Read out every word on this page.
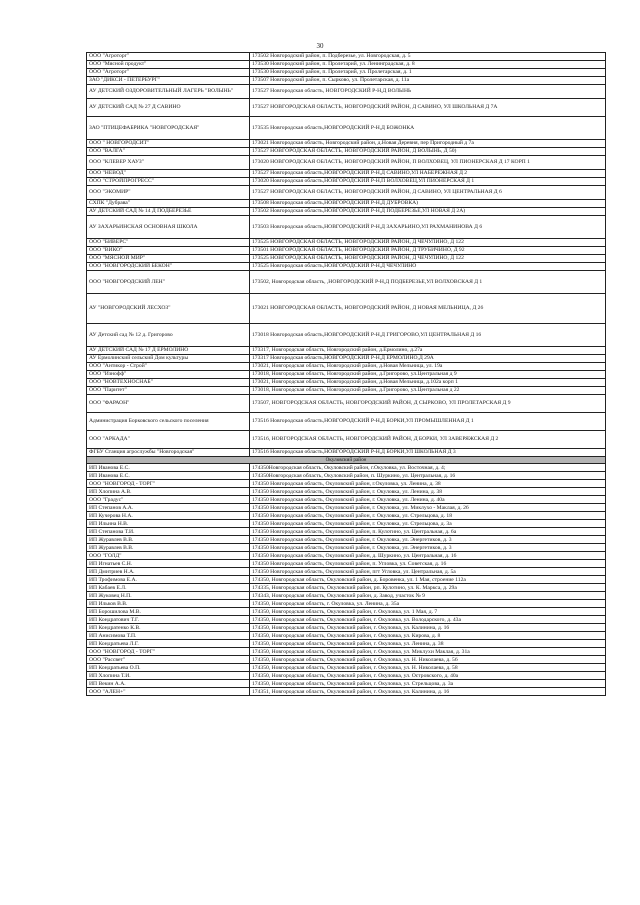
30
ООО "Агроторг"	173502 Новгородский район, п. Подберезье, ул. Новгородская, д. 5
ООО "Мясной продукт"	173530 Новгородский район, п. Пролетарий, ул. Ленинградская, д. 8
ООО "Агроторг"	173530 Новгородский район, п. Пролетарий, ул. Пролетарская, д. 1
ЗАО "ДИКСИ - ПЕТЕРБУРГ"	173507 Новгородский район, п. Сырково, ул. Пролетарская, д. 11а
АУ ДЕТСКИЙ ОЗДОРОВИТЕЛЬНЫЙ ЛАГЕРЬ "ВОЛЫНЬ"	173527 Новгородская область, НОВГОРОДСКИЙ Р-Н,Д ВОЛЫНЬ
АУ ДЕТСКИЙ САД № 27 Д САВИНО	173527 НОВГОРОДСКАЯ ОБЛАСТЬ, НОВГОРОДСКИЙ РАЙОН, Д САВИНО, УЛ ШКОЛЬНАЯ Д 7А
ЗАО "ПТИЦЕФАБРИКА "НОВГОРОДСКАЯ"	173535 Новгородская область,НОВГОРОДСКИЙ Р-Н,Д БОЖОНКА
ООО " НОВГОРОДСИТ"	173021 Новгородская область, Новгородский район, д.Новая Деревня, пер Пригородный д 7а
ООО "ВАЛГА"	173527 НОВГОРОДСКАЯ ОБЛАСТЬ, НОВГОРОДСКИЙ РАЙОН, Д ВОЛЫНЬ, Д 50)
ООО "КЛЕВЕР ХАУЗ"	173020 НОВГОРОДСКАЯ ОБЛАСТЬ, НОВГОРОДСКИЙ РАЙОН, П ВОЛХОВЕЦ, УЛ ПИОНЕРСКАЯ Д 17 КОРП 1
ООО "НЕВОД"	173527 Новгородская область,НОВГОРОДСКИЙ Р-Н,Д САВИНО,УЛ НАБЕРЕЖНАЯ Д 2
ООО "СТРОЙПРОГРЕСС"	173020 Новгородская область,НОВГОРОДСКИЙ Р-Н,П ВОЛХОВЕЦ,УЛ ПИОНЕРСКАЯ Д 1
ООО "ЭКОМИР"	173527 НОВГОРОДСКАЯ ОБЛАСТЬ, НОВГОРОДСКИЙ РАЙОН, Д САВИНО, УЛ ЦЕНТРАЛЬНАЯ Д 6
СХПК "Дубрава"	173508 Новгородская область,НОВГОРОДСКИЙ Р-Н,Д ДУБРОВКА)
АУ ДЕТСКИЙ САД № 14 Д ПОДБЕРЕЗЬЕ	173502 Новгородская область,НОВГОРОДСКИЙ Р-Н,Д ПОДБЕРЕЗЬЕ,УЛ НОВАЯ Д 2А)
АУ ЗАХАРЬИНСКАЯ ОСНОВНАЯ ШКОЛА	173503 Новгородская область,НОВГОРОДСКИЙ Р-Н,Д ЗАХАРЬИНО,УЛ РАХМАНИНОВА Д 6
ООО "БИВЕРС"	173525 НОВГОРОДСКАЯ ОБЛАСТЬ, НОВГОРОДСКИЙ РАЙОН, Д ЧЕЧУЛИНО, Д 122
ООО "ВИКО"	173501 НОВГОРОДСКАЯ ОБЛАСТЬ, НОВГОРОДСКИЙ РАЙОН, Д ТРУБИЧИНО, Д 92
ООО "МЯСНОЙ МИР"	173525 НОВГОРОДСКАЯ ОБЛАСТЬ, НОВГОРОДСКИЙ РАЙОН, Д ЧЕЧУЛИНО, Д 122
ООО "НОВГОРОДСКИЙ БЕКОН"	173525 Новгородская область,НОВГОРОДСКИЙ Р-Н,Д ЧЕЧУЛИНО
ООО "НОВГОРОДСКИЙ ЛЕН"	173502, Новгородская область, ,НОВГОРОДСКИЙ Р-Н,Д ПОДБЕРЕЗЬЕ,УЛ ВОЛХОВСКАЯ Д 1
АУ "НОВГОРОДСКИЙ ЛЕСХОЗ"	173021 НОВГОРОДСКАЯ ОБЛАСТЬ, НОВГОРОДСКИЙ РАЙОН, Д НОВАЯ МЕЛЬНИЦА, Д 26
АУ Детский сад № 12 д. Григорово	173018 Новгородская область,НОВГОРОДСКИЙ Р-Н,Д ГРИГОРОВО,УЛ ЦЕНТРАЛЬНАЯ Д 16
АУ ДЕТСКИЙ САД № 17 Д ЕРМОЛИНО	173317, Новгородская область, Новгородский район, д.Ермолино, д.27а
АУ Ермолинский сельский Дом культуры	173317 Новгородская область,НОВГОРОДСКИЙ Р-Н,Д ЕРМОЛИНО,Д 29А
ООО "Антикор - Строй"	173021, Новгородская область, Новгородский район, д.Новая Мельница, ул. 19а
ООО "Изнофф"	173018, Новгородская область, Новгородский район, д.Григорово, ул.Центральная д 9
ООО "НОВТЕХНОСНАБ"	173021, Новгородская область, Новгородский район, д.Новая Мельница, д.102а корп 1
ООО "Паритет"	173018, Новгородская область, Новгородский район, д.Григорово, ул.Центральная д 22
ООО "ФАРАОН"	173507, НОВГОРОДСКАЯ ОБЛАСТЬ, НОВГОРОДСКИЙ РАЙОН, Д СЫРКОВО, УЛ ПРОЛЕТАРСКАЯ Д 9
Администрация Борковского сельского поселения	173516 Новгородская область,НОВГОРОДСКИЙ Р-Н,Д БОРКИ,УЛ ПРОМЫШЛЕННАЯ Д 1
ООО "АРКАДА"	173516, НОВГОРОДСКАЯ ОБЛАСТЬ, НОВГОРОДСКИЙ РАЙОН, Д БОРКИ, УЛ ЗАВЕРЯЖСКАЯ Д 2
ФГБУ Станция агрослужбы "Новгородская"	173516 Новгородская область,НОВГОРОДСКИЙ Р-Н,Д БОРКИ,УЛ ШКОЛЬНАЯ Д 3
Окуловский район	
ИП Иванова Е.С.	174350Новгородская область, Окуловский район, г.Окуловка, ул. Восточная, д. 4;
ИП Иванова Е.С.	174350Новгородская область, Окуловский район, п. Шуркино, ул. Центральная, д. 16
ООО "НОВГОРОД - ТОРГ"	174350 Новгородская область, Окуловский район, г.Окуловка, ул. Ленина, д. 38
ИП Хлопина А.В.	174350 Новгородская область, Окуловский район, г. Окуловка, ул. Ленина, д. 38
ООО "Градус"	174350 Новгородская область, Окуловский район, г. Окуловка, ул. Ленина, д. 40а
ИП Степанов А.А.	174350 Новгородская область, Окуловский район, г. Окуловка, ул. Миклухо - Маклая, д. 26
ИП Кучерова Н.А.	174350 Новгородская область, Окуловский район, г. Окуловка, ул. Стрельцова, д. 18
ИП Ильина Н.В.	174350 Новгородская область, Окуловский район, г. Окуловка, ул. Стрельцова, д. 3а
ИП Степанова Т.И.	174350 Новгородская область, Окуловский район, п. Кулотино, ул. Центральная, д. 6а
ИП Журавлев В.В.	174350 Новгородская область, Окуловский район, г. Окуловка, ул. Энергетиков, д. 3
ИП Журавлев В.В.	174350 Новгородская область, Окуловский район, г. Окуловка, ул. Энергетиков, д. 3
ООО "ГОЛД"	174350 Новгородская область, Окуловский район, д. Шуркино, ул. Центральная, д. 16
ИП Игнатьев С.Н.	174350 Новгородская область, Окуловский район, п. Угловка, ул. Советская, д. 16
ИП Дмитриев Н.А.	174350 Новгородская область, Окуловский район, пгт Угловка, ул. Центральная, д. 5а
ИП Трофимова Е.А.	174350, Новгородская область, Окуловский район, д. Боровенка, ул. 1 Мая, строение 112а
ИП Кабаев Е.Л.	174335, Новгородская область, Окуловский район, рп. Кулотино, ул. К. Маркса, д. 29а
ИП Жуковец Н.П.	174343, Новгородская область, Окуловский район, д. Завод, участок № 9
ИП Ильков В.В.	174350, Новгородская область, г. Окуловка, ул. Ленина, д. 35а
ИП Борошилова М.В.	174350, Новгородская область, Окуловский район, г. Окуловка, ул. 1 Мая, д. 7
ИП Кондратович Т.Г.	174350, Новгородская область, Окуловский район, г. Окуловка, ул. Володарского, д. 43а
ИП Кондратенко К.В.	174350, Новгородская область, Окуловский район, г. Окуловка, ул. Калинина, д. 16
ИП Анисимова Т.П.	174350, Новгородская область, Окуловский район, г. Окуловка, ул. Кирова, д. 8
ИП Кондратьева Л.Г.	174350, Новгородская область, Окуловский район, г. Окуловка, ул. Ленина, д. 38
ООО "НОВГОРОД - ТОРГ"	174350, Новгородская область, Окуловский район, г. Окуловка, ул. Миклухи Маклая, д. 31а
ООО "Рассвет"	174350, Новгородская область, Окуловский район, г. Окуловка, ул. Н. Николаева, д. 56
ИП Кондратьева О.П.	174350, Новгородская область, Окуловский район, г. Окуловка, ул. Н. Николаева, д. 58
ИП Хлопина Т.И.	174350, Новгородская область, Окуловский район, г. Окуловка, ул. Островского, д. 40а
ИП Векин А.А.	174350, Новгородская область, Окуловский район, г. Окуловка, ул. Стрельцова, д. 3а
ООО "АЛЕН+"	174351, Новгородская область, Окуловский район, г. Окуловка, ул. Калинина, д. 16
